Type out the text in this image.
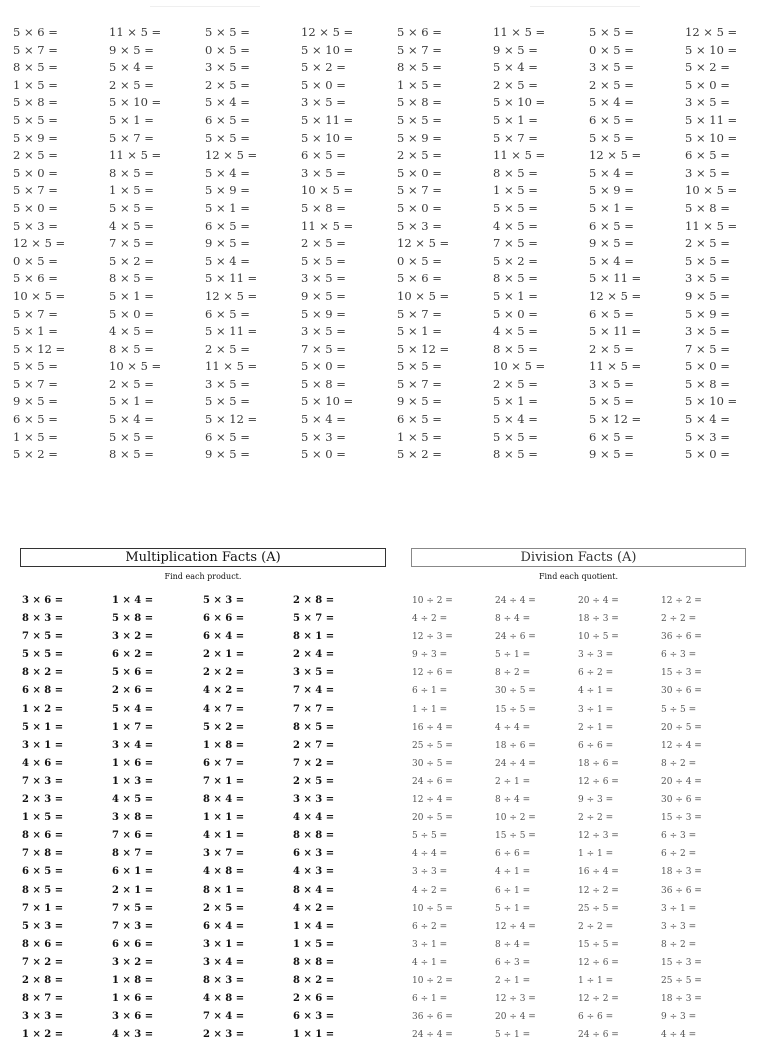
5 × 6 =
5 × 7 =
8 × 5 =
1 × 5 =
5 × 8 =
5 × 5 =
5 × 9 =
2 × 5 =
5 × 0 =
5 × 7 =
5 × 0 =
5 × 3 =
12 × 5 =
0 × 5 =
5 × 6 =
10 × 5 =
5 × 7 =
5 × 1 =
5 × 12 =
5 × 5 =
5 × 7 =
9 × 5 =
6 × 5 =
1 × 5 =
5 × 2 =
11 × 5 =
9 × 5 =
5 × 4 =
2 × 5 =
5 × 10 =
5 × 1 =
5 × 7 =
11 × 5 =
8 × 5 =
1 × 5 =
5 × 5 =
4 × 5 =
7 × 5 =
5 × 2 =
8 × 5 =
5 × 1 =
5 × 0 =
4 × 5 =
8 × 5 =
10 × 5 =
2 × 5 =
5 × 1 =
5 × 4 =
5 × 5 =
8 × 5 =
5 × 5 =
0 × 5 =
3 × 5 =
2 × 5 =
5 × 4 =
6 × 5 =
5 × 5 =
12 × 5 =
5 × 4 =
5 × 9 =
5 × 1 =
6 × 5 =
9 × 5 =
5 × 4 =
5 × 11 =
12 × 5 =
6 × 5 =
5 × 11 =
2 × 5 =
11 × 5 =
3 × 5 =
5 × 5 =
5 × 12 =
6 × 5 =
9 × 5 =
12 × 5 =
5 × 10 =
5 × 2 =
5 × 0 =
3 × 5 =
5 × 11 =
5 × 10 =
6 × 5 =
3 × 5 =
10 × 5 =
5 × 8 =
11 × 5 =
2 × 5 =
5 × 5 =
3 × 5 =
9 × 5 =
5 × 9 =
3 × 5 =
7 × 5 =
5 × 0 =
5 × 8 =
5 × 10 =
5 × 4 =
5 × 3 =
5 × 0 =
5 × 6 =
5 × 7 =
8 × 5 =
1 × 5 =
5 × 8 =
5 × 5 =
5 × 9 =
2 × 5 =
5 × 0 =
5 × 7 =
5 × 0 =
5 × 3 =
12 × 5 =
0 × 5 =
5 × 6 =
10 × 5 =
5 × 7 =
5 × 1 =
5 × 12 =
5 × 5 =
5 × 7 =
9 × 5 =
6 × 5 =
1 × 5 =
5 × 2 =
11 × 5 =
9 × 5 =
5 × 4 =
2 × 5 =
5 × 10 =
5 × 1 =
5 × 7 =
11 × 5 =
8 × 5 =
1 × 5 =
5 × 5 =
4 × 5 =
7 × 5 =
5 × 2 =
8 × 5 =
5 × 1 =
5 × 0 =
4 × 5 =
8 × 5 =
10 × 5 =
2 × 5 =
5 × 1 =
5 × 4 =
5 × 5 =
8 × 5 =
5 × 5 =
0 × 5 =
3 × 5 =
2 × 5 =
5 × 4 =
6 × 5 =
5 × 5 =
12 × 5 =
5 × 4 =
5 × 9 =
5 × 1 =
6 × 5 =
9 × 5 =
5 × 4 =
5 × 11 =
12 × 5 =
6 × 5 =
5 × 11 =
2 × 5 =
11 × 5 =
3 × 5 =
5 × 5 =
5 × 12 =
6 × 5 =
9 × 5 =
12 × 5 =
5 × 10 =
5 × 2 =
5 × 0 =
3 × 5 =
5 × 11 =
5 × 10 =
6 × 5 =
3 × 5 =
10 × 5 =
5 × 8 =
11 × 5 =
2 × 5 =
5 × 5 =
3 × 5 =
9 × 5 =
5 × 9 =
3 × 5 =
7 × 5 =
5 × 0 =
5 × 8 =
5 × 10 =
5 × 4 =
5 × 3 =
5 × 0 =
Multiplication Facts (A)
Find each product.
3 × 6 =
8 × 3 =
7 × 5 =
5 × 5 =
8 × 2 =
6 × 8 =
1 × 2 =
5 × 1 =
3 × 1 =
4 × 6 =
7 × 3 =
2 × 3 =
1 × 5 =
8 × 6 =
7 × 8 =
6 × 5 =
8 × 5 =
7 × 1 =
5 × 3 =
8 × 6 =
7 × 2 =
2 × 8 =
8 × 7 =
3 × 3 =
1 × 2 =
1 × 4 =
5 × 8 =
3 × 2 =
6 × 2 =
5 × 6 =
2 × 6 =
5 × 4 =
1 × 7 =
3 × 4 =
1 × 6 =
1 × 3 =
4 × 5 =
3 × 8 =
7 × 6 =
8 × 7 =
6 × 1 =
2 × 1 =
7 × 5 =
7 × 3 =
6 × 6 =
3 × 2 =
1 × 8 =
1 × 6 =
3 × 6 =
4 × 3 =
5 × 3 =
6 × 6 =
6 × 4 =
2 × 1 =
2 × 2 =
4 × 2 =
4 × 7 =
5 × 2 =
1 × 8 =
6 × 7 =
7 × 1 =
8 × 4 =
1 × 1 =
4 × 1 =
3 × 7 =
4 × 8 =
8 × 1 =
2 × 5 =
6 × 4 =
3 × 1 =
3 × 4 =
8 × 3 =
4 × 8 =
7 × 4 =
2 × 3 =
2 × 8 =
5 × 7 =
8 × 1 =
2 × 4 =
3 × 5 =
7 × 4 =
7 × 7 =
8 × 5 =
2 × 7 =
7 × 2 =
2 × 5 =
3 × 3 =
4 × 4 =
8 × 8 =
6 × 3 =
4 × 3 =
8 × 4 =
4 × 2 =
1 × 4 =
1 × 5 =
8 × 8 =
8 × 2 =
2 × 6 =
6 × 3 =
1 × 1 =
Division Facts (A)
Find each quotient.
10 ÷ 2 =
4 ÷ 2 =
12 ÷ 3 =
9 ÷ 3 =
12 ÷ 6 =
6 ÷ 1 =
1 ÷ 1 =
16 ÷ 4 =
25 ÷ 5 =
30 ÷ 5 =
24 ÷ 6 =
12 ÷ 4 =
20 ÷ 5 =
5 ÷ 5 =
4 ÷ 4 =
3 ÷ 3 =
4 ÷ 2 =
10 ÷ 5 =
6 ÷ 2 =
3 ÷ 1 =
4 ÷ 1 =
10 ÷ 2 =
6 ÷ 1 =
36 ÷ 6 =
24 ÷ 4 =
24 ÷ 4 =
8 ÷ 4 =
24 ÷ 6 =
5 ÷ 1 =
8 ÷ 2 =
30 ÷ 5 =
15 ÷ 5 =
4 ÷ 4 =
18 ÷ 6 =
24 ÷ 4 =
2 ÷ 1 =
8 ÷ 4 =
10 ÷ 2 =
15 ÷ 5 =
6 ÷ 6 =
4 ÷ 1 =
6 ÷ 1 =
5 ÷ 1 =
12 ÷ 4 =
8 ÷ 4 =
6 ÷ 3 =
2 ÷ 1 =
12 ÷ 3 =
20 ÷ 4 =
5 ÷ 1 =
20 ÷ 4 =
18 ÷ 3 =
10 ÷ 5 =
3 ÷ 3 =
6 ÷ 2 =
4 ÷ 1 =
3 ÷ 1 =
2 ÷ 1 =
6 ÷ 6 =
18 ÷ 6 =
12 ÷ 6 =
9 ÷ 3 =
2 ÷ 2 =
12 ÷ 3 =
1 ÷ 1 =
16 ÷ 4 =
12 ÷ 2 =
25 ÷ 5 =
2 ÷ 2 =
15 ÷ 5 =
12 ÷ 6 =
1 ÷ 1 =
12 ÷ 2 =
6 ÷ 6 =
24 ÷ 6 =
12 ÷ 2 =
2 ÷ 2 =
36 ÷ 6 =
6 ÷ 3 =
15 ÷ 3 =
30 ÷ 6 =
5 ÷ 5 =
20 ÷ 5 =
12 ÷ 4 =
8 ÷ 2 =
20 ÷ 4 =
30 ÷ 6 =
15 ÷ 3 =
6 ÷ 3 =
6 ÷ 2 =
18 ÷ 3 =
36 ÷ 6 =
3 ÷ 1 =
3 ÷ 3 =
8 ÷ 2 =
15 ÷ 3 =
25 ÷ 5 =
18 ÷ 3 =
9 ÷ 3 =
4 ÷ 4 =
